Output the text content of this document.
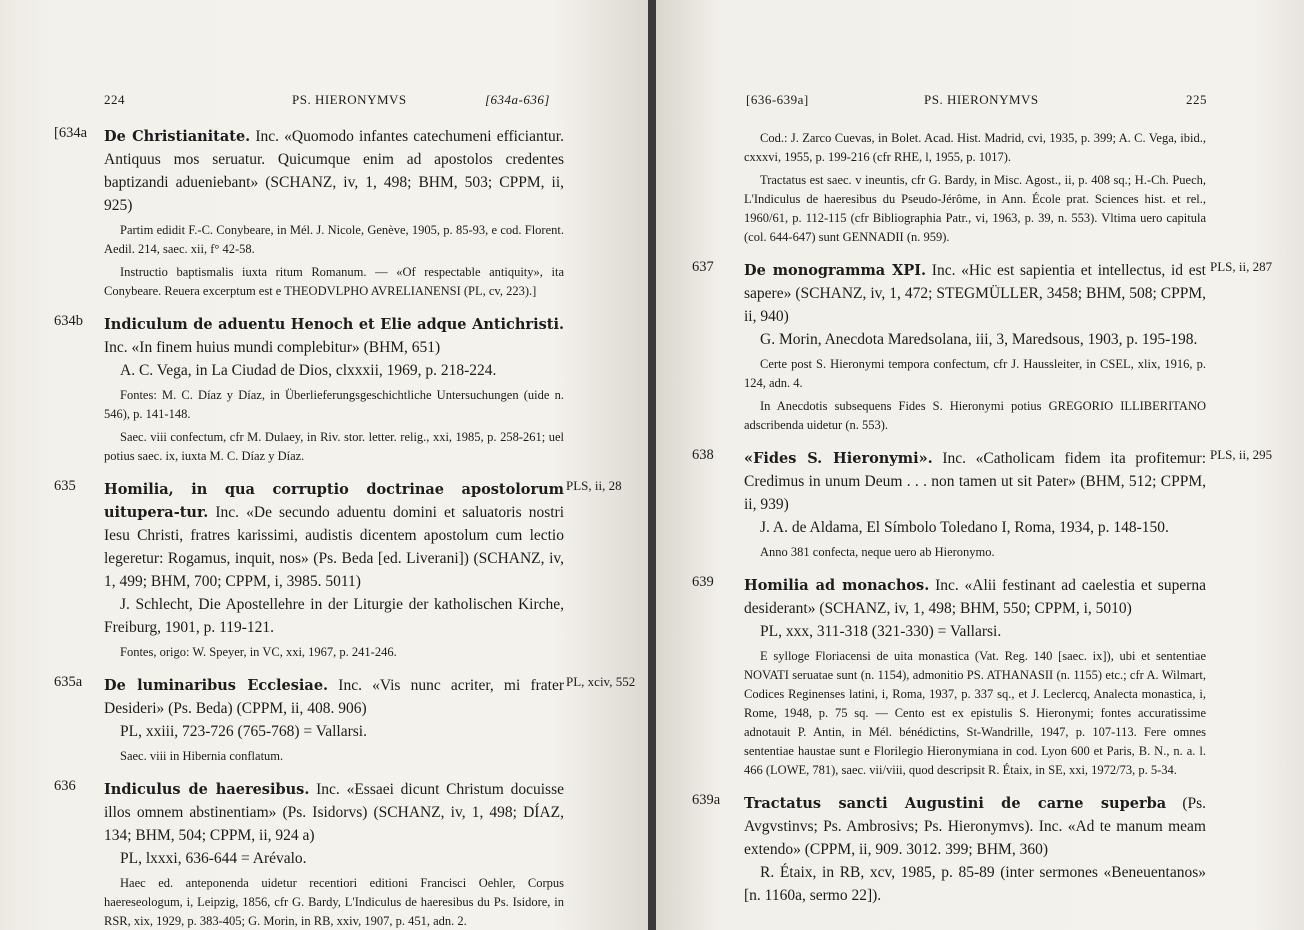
224	PS. HIERONYMVS	[634a-636]
[634a	De Christianitate. Inc. «Quomodo infantes catechumeni efficiantur. Antiquus mos seruatur. Quicumque enim ad apostolos credentes baptizandi adueniebant» (SCHANZ, iv, 1, 498; BHM, 503; CPPM, ii, 925)
Partim edidit F.-C. Conybeare, in Mél. J. Nicole, Genève, 1905, p. 85-93, e cod. Florent. Aedil. 214, saec. xii, f° 42-58.
Instructio baptismalis iuxta ritum Romanum. — «Of respectable antiquity», ita Conybeare. Reuera excerptum est e THEODVLPHO AVRELIANENSI (PL, cv, 223).]
634b	Indiculum de aduentu Henoch et Elie adque Antichristi. Inc. «In finem huius mundi complebitur» (BHM, 651)
A. C. Vega, in La Ciudad de Dios, clxxxii, 1969, p. 218-224.
Fontes: M. C. Díaz y Díaz, in Überlieferungsgeschichtliche Untersuchungen (uide n. 546), p. 141-148.
Saec. viii confectum, cfr M. Dulaey, in Riv. stor. letter. relig., xxi, 1985, p. 258-261; uel potius saec. ix, iuxta M. C. Díaz y Díaz.
635	PLS, ii, 28
Homilia, in qua corruptio doctrinae apostolorum uitupera-tur. Inc. «De secundo aduentu domini et saluatoris nostri Iesu Christi, fratres karissimi, audistis dicentem apostolum cum lectio legeretur: Rogamus, inquit, nos» (Ps. Beda [ed. Liverani]) (SCHANZ, iv, 1, 499; BHM, 700; CPPM, i, 3985. 5011)
J. Schlecht, Die Apostellehre in der Liturgie der katholischen Kirche, Freiburg, 1901, p. 119-121.
Fontes, origo: W. Speyer, in VC, xxi, 1967, p. 241-246.
635a	PL, xciv, 552
De luminaribus Ecclesiae. Inc. «Vis nunc acriter, mi frater Desideri» (Ps. Beda) (CPPM, ii, 408. 906)
PL, xxiii, 723-726 (765-768) = Vallarsi.
Saec. viii in Hibernia conflatum.
636	Indiculus de haeresibus. Inc. «Essaei dicunt Christum docuisse illos omnem abstinentiam» (Ps. Isidorvs) (SCHANZ, iv, 1, 498; DÍAZ, 134; BHM, 504; CPPM, ii, 924 a)
PL, lxxxi, 636-644 = Arévalo.
Haec ed. anteponenda uidetur recentiori editioni Francisci Oehler, Corpus haereseologum, i, Leipzig, 1856, cfr G. Bardy, L'Indiculus de haeresibus du Ps. Isidore, in RSR, xix, 1929, p. 383-405; G. Morin, in RB, xxiv, 1907, p. 451, adn. 2.
[636-639a]	PS. HIERONYMVS	225
Cod.: J. Zarco Cuevas, in Bolet. Acad. Hist. Madrid, cvi, 1935, p. 399; A. C. Vega, ibid., cxxxvi, 1955, p. 199-216 (cfr RHE, l, 1955, p. 1017).
Tractatus est saec. v ineuntis, cfr G. Bardy, in Misc. Agost., ii, p. 408 sq.; H.-Ch. Puech, L'Indiculus de haeresibus du Pseudo-Jérôme, in Ann. École prat. Sciences hist. et rel., 1960/61, p. 112-115 (cfr Bibliographia Patr., vi, 1963, p. 39, n. 553). Vltima uero capitula (col. 644-647) sunt GENNADII (n. 959).
637	PLS, ii, 287
De monogramma XPI. Inc. «Hic est sapientia et intellectus, id est sapere» (SCHANZ, iv, 1, 472; STEGMÜLLER, 3458; BHM, 508; CPPM, ii, 940)
G. Morin, Anecdota Maredsolana, iii, 3, Maredsous, 1903, p. 195-198.
Certe post S. Hieronymi tempora confectum, cfr J. Haussleiter, in CSEL, xlix, 1916, p. 124, adn. 4.
In Anecdotis subsequens Fides S. Hieronymi potius GREGORIO ILLIBERITANO adscribenda uidetur (n. 553).
638	PLS, ii, 295
«Fides S. Hieronymi». Inc. «Catholicam fidem ita profitemur: Credimus in unum Deum . . . non tamen ut sit Pater» (BHM, 512; CPPM, ii, 939)
J. A. de Aldama, El Símbolo Toledano I, Roma, 1934, p. 148-150.
Anno 381 confecta, neque uero ab Hieronymo.
639	Homilia ad monachos. Inc. «Alii festinant ad caelestia et superna desiderant» (SCHANZ, iv, 1, 498; BHM, 550; CPPM, i, 5010)
PL, xxx, 311-318 (321-330) = Vallarsi.
E sylloge Floriacensi de uita monastica (Vat. Reg. 140 [saec. ix]), ubi et sententiae NOVATI seruatae sunt (n. 1154), admonitio PS. ATHANASII (n. 1155) etc.; cfr A. Wilmart, Codices Reginenses latini, i, Roma, 1937, p. 337 sq., et J. Leclercq, Analecta monastica, i, Rome, 1948, p. 75 sq. — Cento est ex epistulis S. Hieronymi; fontes accuratissime adnotauit P. Antin, in Mél. bénédictins, St-Wandrille, 1947, p. 107-113. Fere omnes sententiae haustae sunt e Florilegio Hieronymiana in cod. Lyon 600 et Paris, B. N., n. a. l. 466 (LOWE, 781), saec. vii/viii, quod descripsit R. Étaix, in SE, xxi, 1972/73, p. 5-34.
639a	Tractatus sancti Augustini de carne superba (Ps. Avgvstinvs; Ps. Ambrosivs; Ps. Hieronymvs). Inc. «Ad te manum meam extendo» (CPPM, ii, 909. 3012. 399; BHM, 360)
R. Étaix, in RB, xcv, 1985, p. 85-89 (inter sermones «Beneuentanos» [n. 1160a, sermo 22]).
